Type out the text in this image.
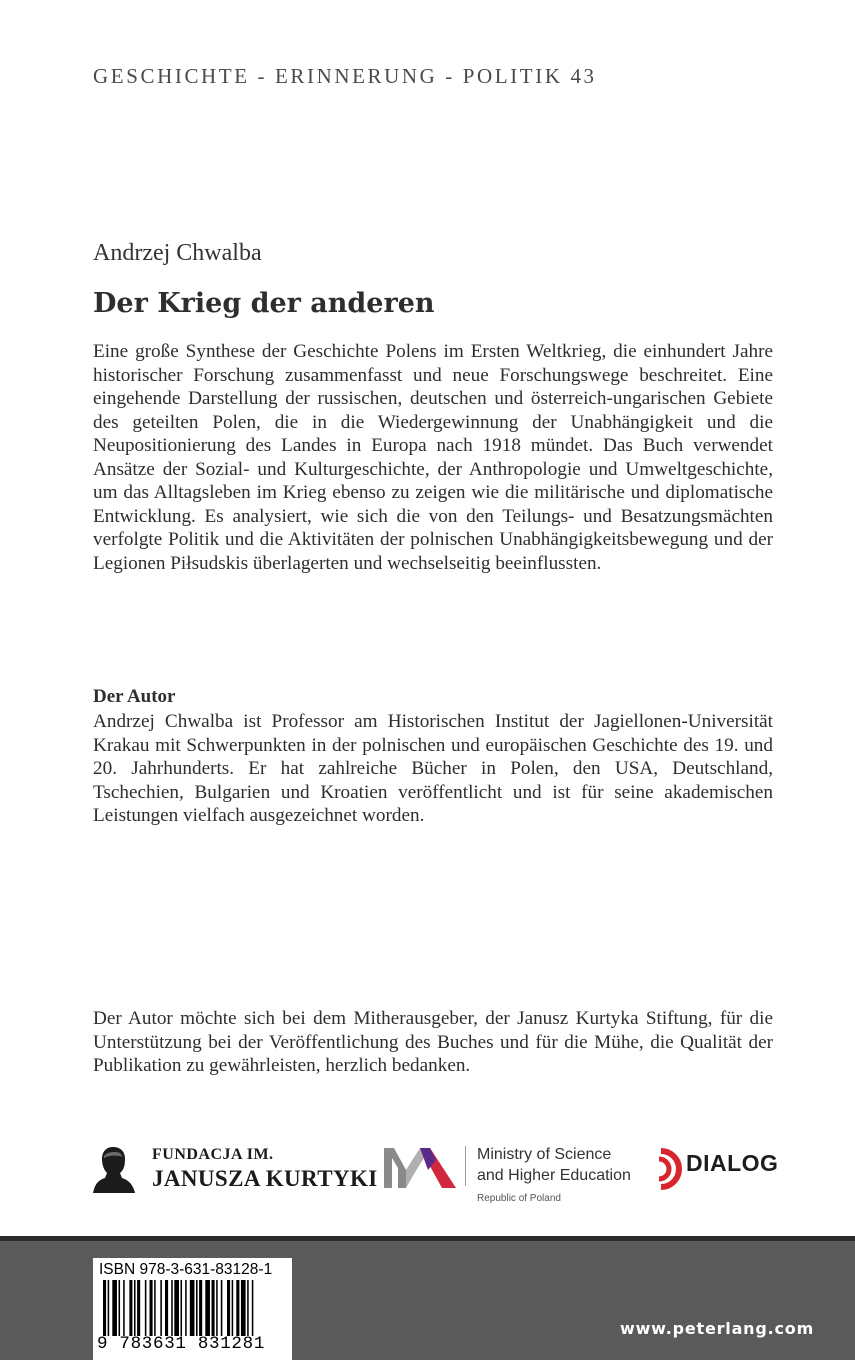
GESCHICHTE - ERINNERUNG - POLITIK 43
Andrzej Chwalba
Der Krieg der anderen
Eine große Synthese der Geschichte Polens im Ersten Weltkrieg, die einhundert Jahre historischer Forschung zusammenfasst und neue Forschungswege beschreitet. Eine eingehende Darstellung der russischen, deutschen und österreich-ungarischen Gebiete des geteilten Polen, die in die Wiedergewinnung der Unabhängigkeit und die Neupositionierung des Landes in Europa nach 1918 mündet. Das Buch verwendet Ansätze der Sozial- und Kulturgeschichte, der Anthropologie und Umweltgeschichte, um das Alltagsleben im Krieg ebenso zu zeigen wie die militärische und diplomatische Entwicklung. Es analysiert, wie sich die von den Teilungs- und Besatzungsmächten verfolgte Politik und die Aktivitäten der polnischen Unabhängigkeitsbewegung und der Legionen Piłsudskis überlagerten und wechselseitig beeinflussten.
Der Autor
Andrzej Chwalba ist Professor am Historischen Institut der Jagiellonen-Universität Krakau mit Schwerpunkten in der polnischen und europäischen Geschichte des 19. und 20. Jahrhunderts. Er hat zahlreiche Bücher in Polen, den USA, Deutschland, Tschechien, Bulgarien und Kroatien veröffentlicht und ist für seine akademischen Leistungen vielfach ausgezeichnet worden.
Der Autor möchte sich bei dem Mitherausgeber, der Janusz Kurtyka Stiftung, für die Unterstützung bei der Veröffentlichung des Buches und für die Mühe, die Qualität der Publikation zu gewährleisten, herzlich bedanken.
FUNDACJA IM.
JANUSZA KURTYKI
Ministry of Science
and Higher Education
Republic of Poland
DIALOG
ISBN 978-3-631-83128-1
9 783631 831281
www.peterlang.com
